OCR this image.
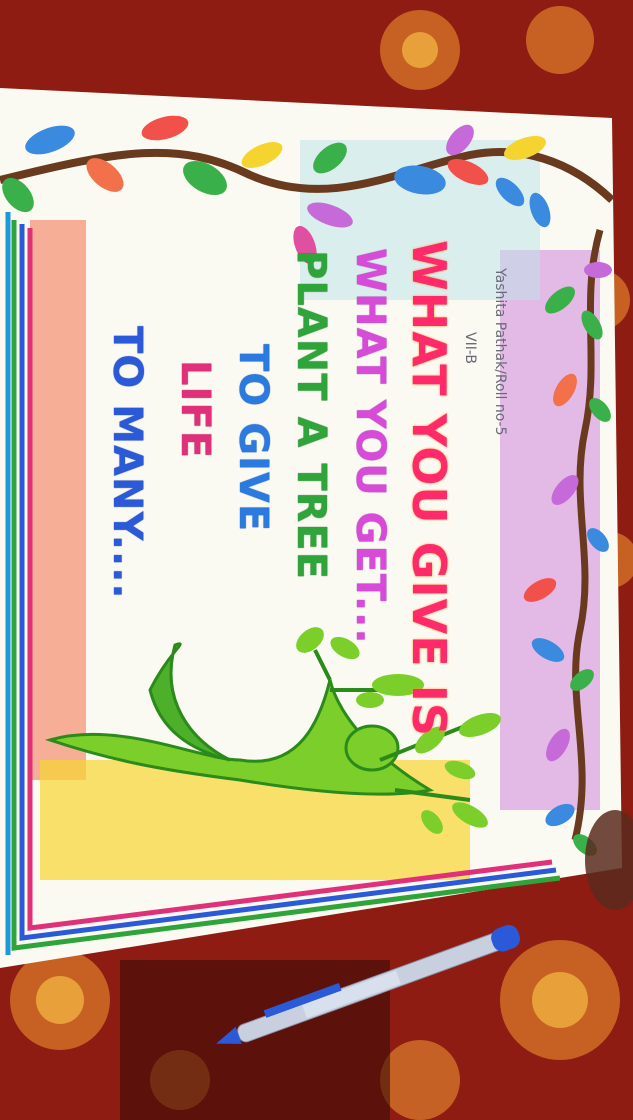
Yashita Pathak/Roll no-5
VII-B
WHAT YOU GIVE IS
WHAT YOU GET...
PLANT A TREE
TO GIVE
LIFE
TO MANY....
